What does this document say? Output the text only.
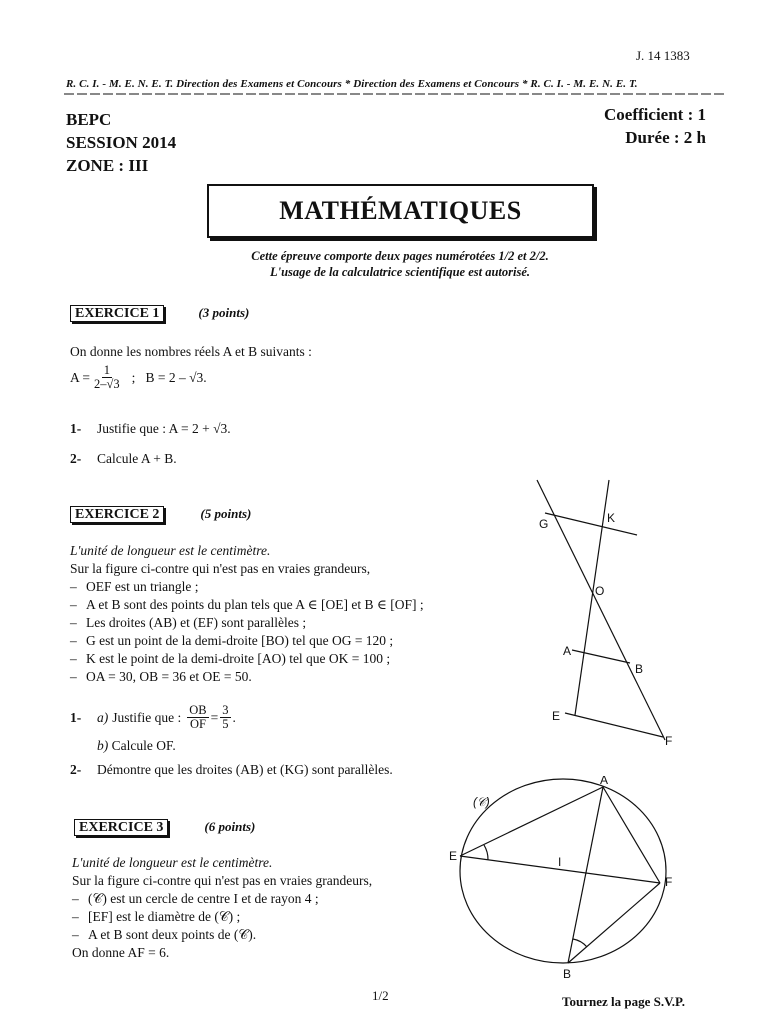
J. 14 1383
R. C. I. - M. E. N. E. T. Direction des Examens et Concours * Direction des Examens et Concours * R. C. I. - M. E. N. E. T.
BEPC
SESSION 2014
ZONE : III
Coefficient : 1
Durée : 2 h
MATHÉMATIQUES
Cette épreuve comporte deux pages numérotées 1/2 et 2/2.
L'usage de la calculatrice scientifique est autorisé.
EXERCICE 1	(3 points)
On donne les nombres réels A et B suivants :
$A = \frac{1}{2-√3}$ ;   B = 2 – √3.
1- Justifie que : A = 2 + √3.
2- Calcule A + B.
EXERCICE 2	(5 points)
L'unité de longueur est le centimètre.
Sur la figure ci-contre qui n'est pas en vraies grandeurs,
– OEF est un triangle ;
– A et B sont des points du plan tels que A ∈ [OE] et B ∈ [OF] ;
– Les droites (AB) et (EF) sont parallèles ;
– G est un point de la demi-droite [BO) tel que OG = 120 ;
– K est le point de la demi-droite [AO) tel que OK = 100 ;
– OA = 30, OB = 36 et OE = 50.
1-	a) Justifie que : $\frac{OB}{OF} = \frac{3}{5}$ .
b) Calcule OF.
2- Démontre que les droites (AB) et (KG) sont parallèles.
G	K
O
A
B
E
F
EXERCICE 3	(6 points)
L'unité de longueur est le centimètre.
Sur la figure ci-contre qui n'est pas en vraies grandeurs,
– (𝒞) est un cercle de centre I et de rayon 4 ;
– [EF] est le diamètre de (𝒞) ;
– A et B sont deux points de (𝒞).
On donne AF = 6.
(𝒞)
A
E	I
F
B
1/2	Tournez la page S.V.P.
